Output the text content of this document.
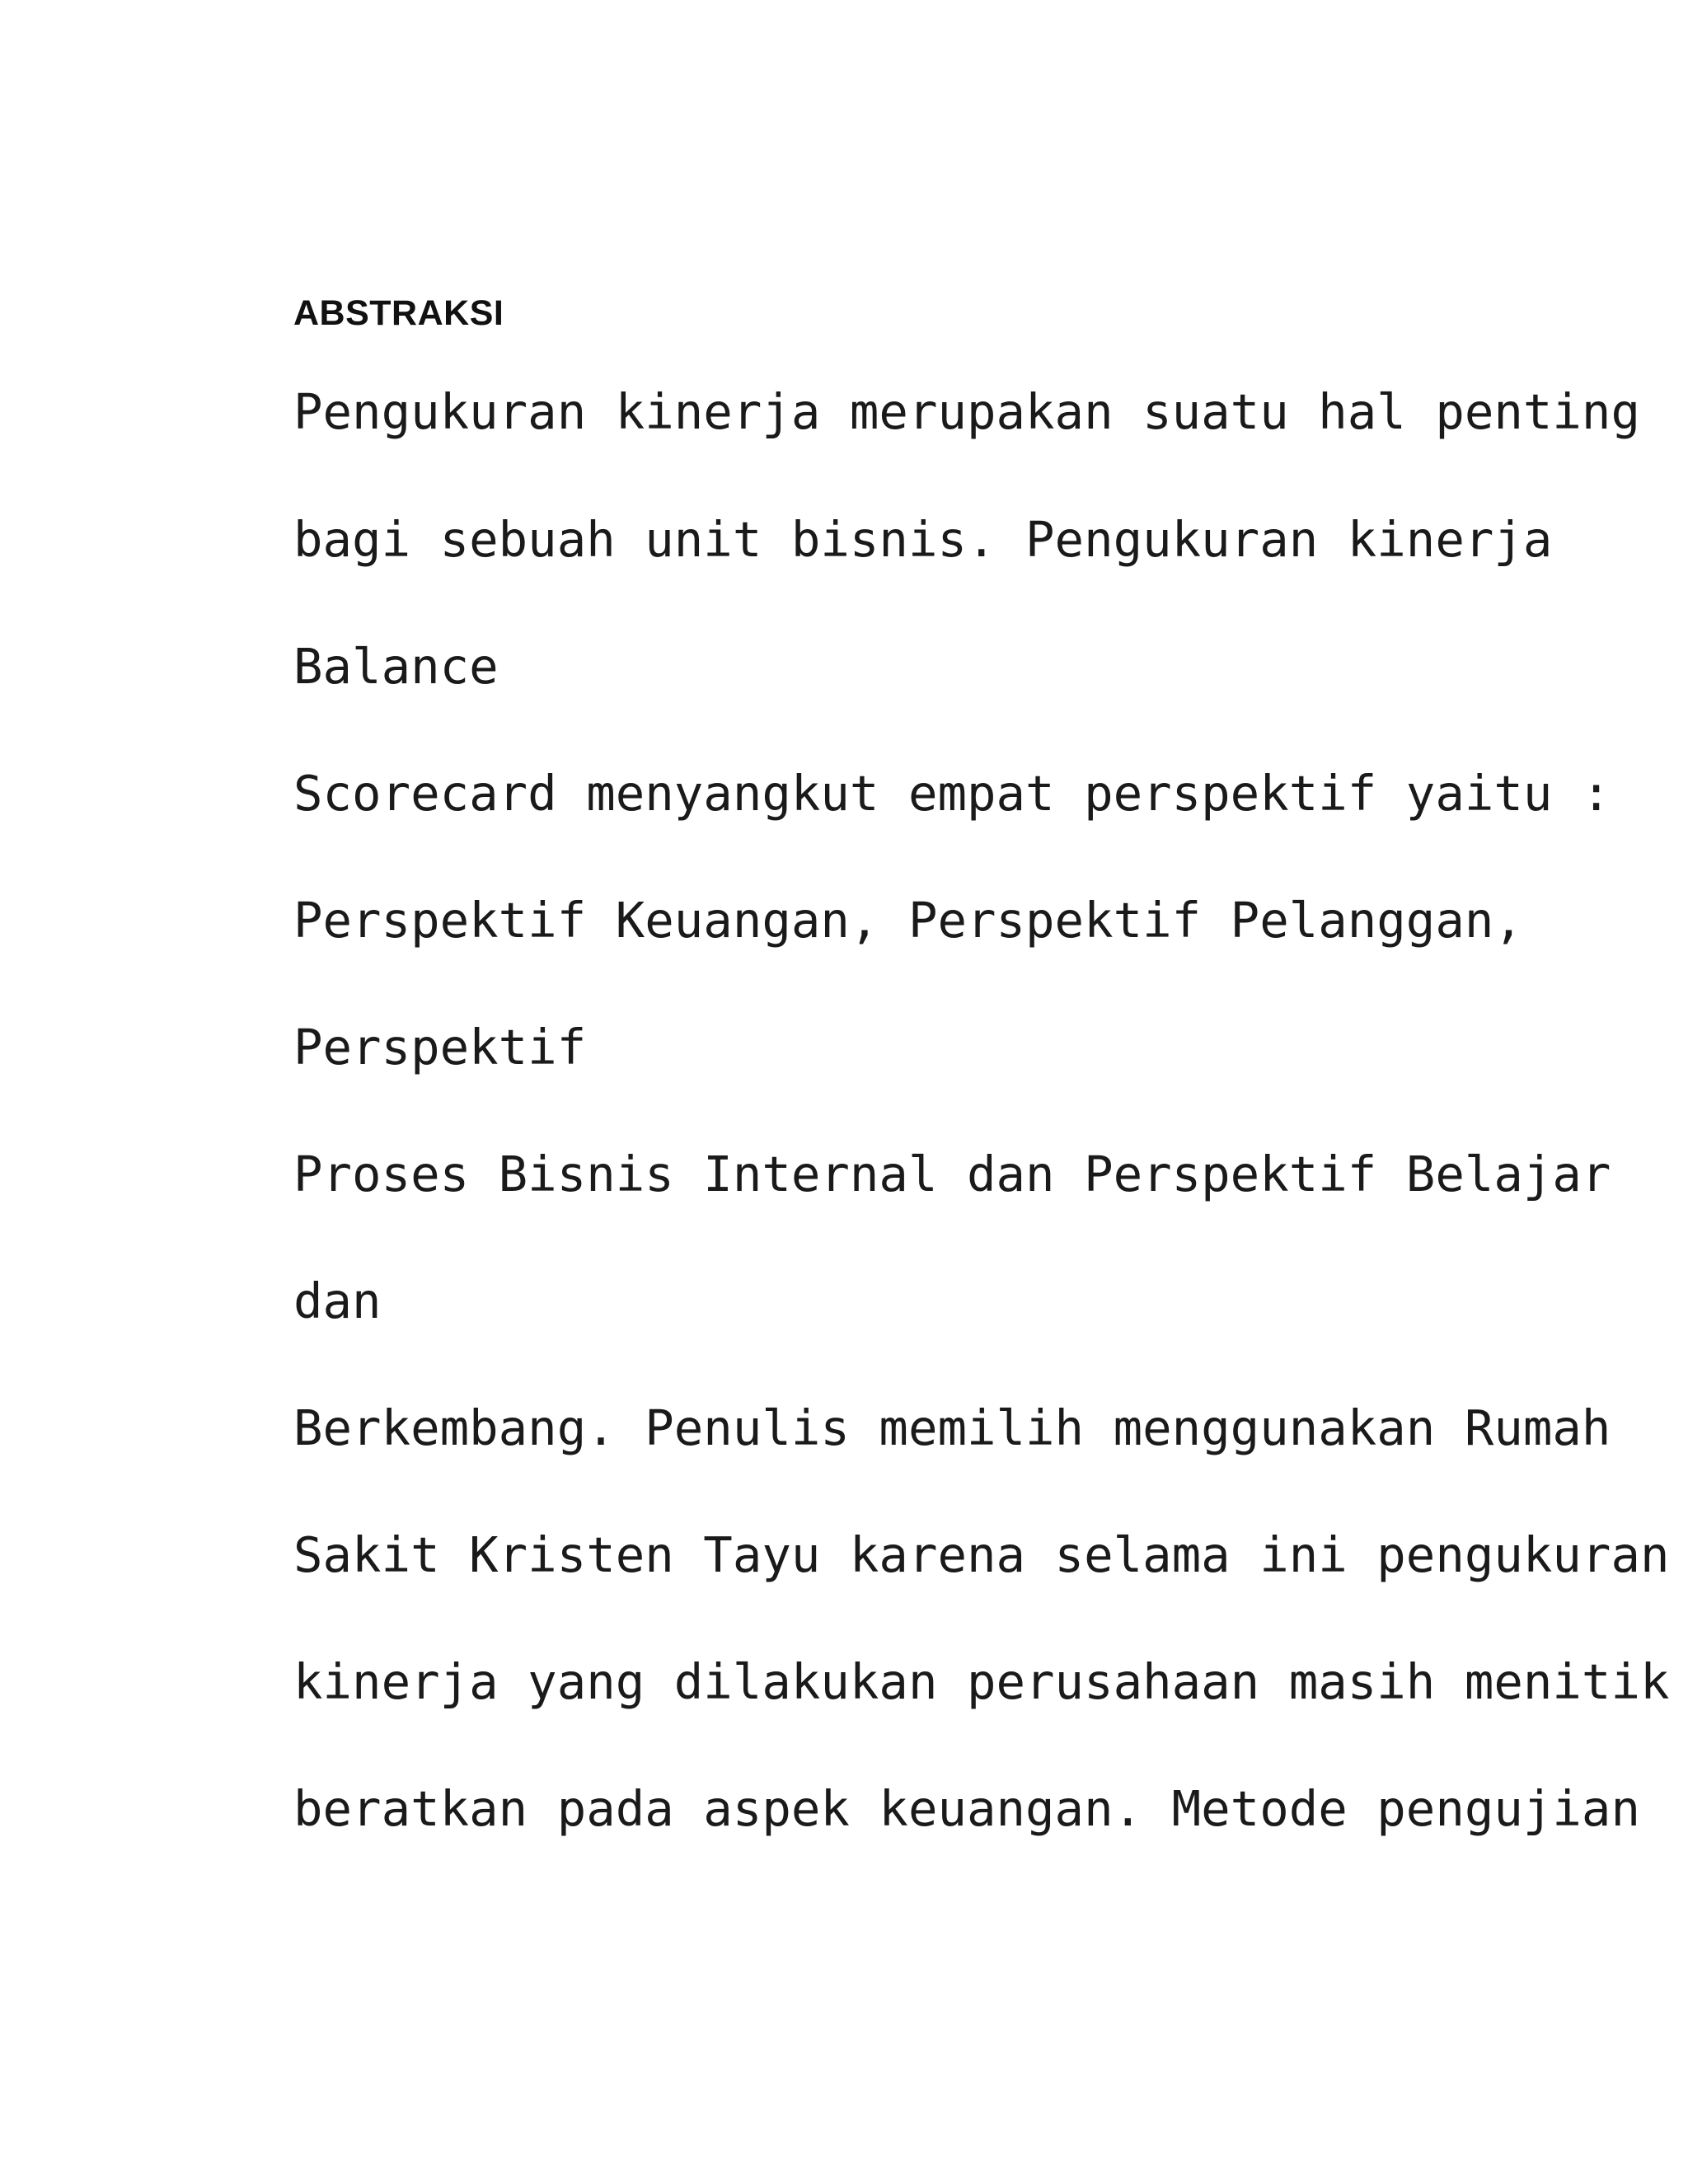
ABSTRAKSI
Pengukuran kinerja merupakan suatu hal penting
bagi sebuah unit bisnis. Pengukuran kinerja
Balance
Scorecard menyangkut empat perspektif yaitu :
Perspektif Keuangan, Perspektif Pelanggan,
Perspektif
Proses Bisnis Internal dan Perspektif Belajar
dan
Berkembang. Penulis memilih menggunakan Rumah
Sakit Kristen Tayu karena selama ini pengukuran
kinerja yang dilakukan perusahaan masih menitik
beratkan pada aspek keuangan. Metode pengujian
